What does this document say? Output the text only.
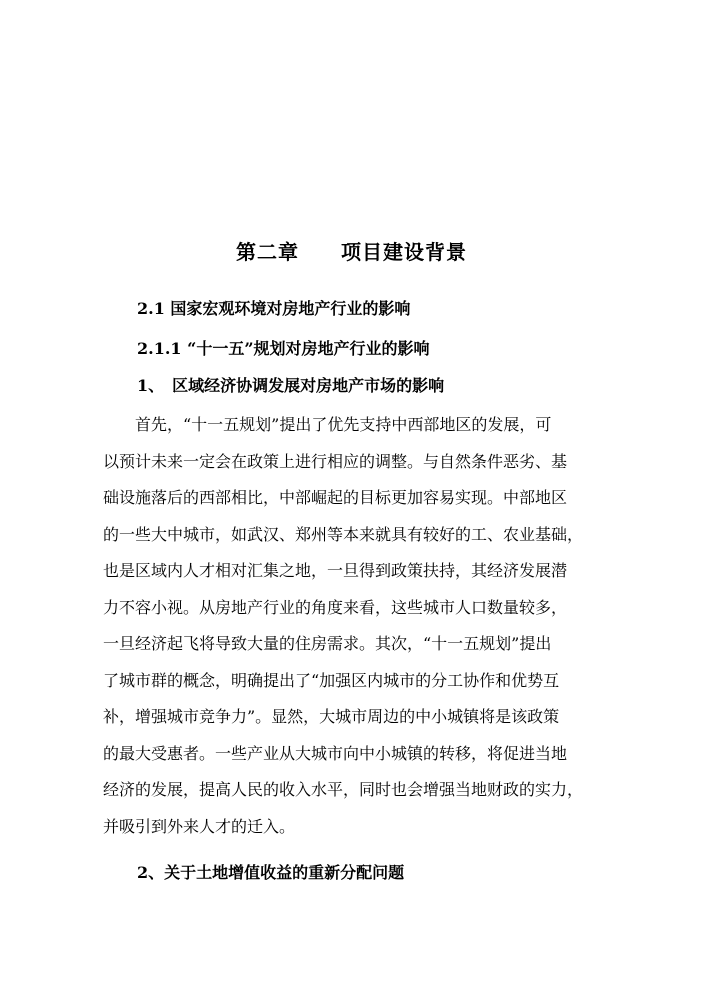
第二章　　项目建设背景
2.1 国家宏观环境对房地产行业的影响
2.1.1 “十一五”规划对房地产行业的影响
1、　区域经济协调发展对房地产市场的影响
　　首先，“十一五规划”提出了优先支持中西部地区的发展，可
以预计未来一定会在政策上进行相应的调整。与自然条件恶劣、基
础设施落后的西部相比，中部崛起的目标更加容易实现。中部地区
的一些大中城市，如武汉、郑州等本来就具有较好的工、农业基础，
也是区域内人才相对汇集之地，一旦得到政策扶持，其经济发展潜
力不容小视。从房地产行业的角度来看，这些城市人口数量较多，
一旦经济起飞将导致大量的住房需求。其次，“十一五规划”提出
了城市群的概念，明确提出了“加强区内城市的分工协作和优势互
补，增强城市竞争力”。显然，大城市周边的中小城镇将是该政策
的最大受惠者。一些产业从大城市向中小城镇的转移，将促进当地
经济的发展，提高人民的收入水平，同时也会增强当地财政的实力，
并吸引到外来人才的迁入。
2、关于土地增值收益的重新分配问题
